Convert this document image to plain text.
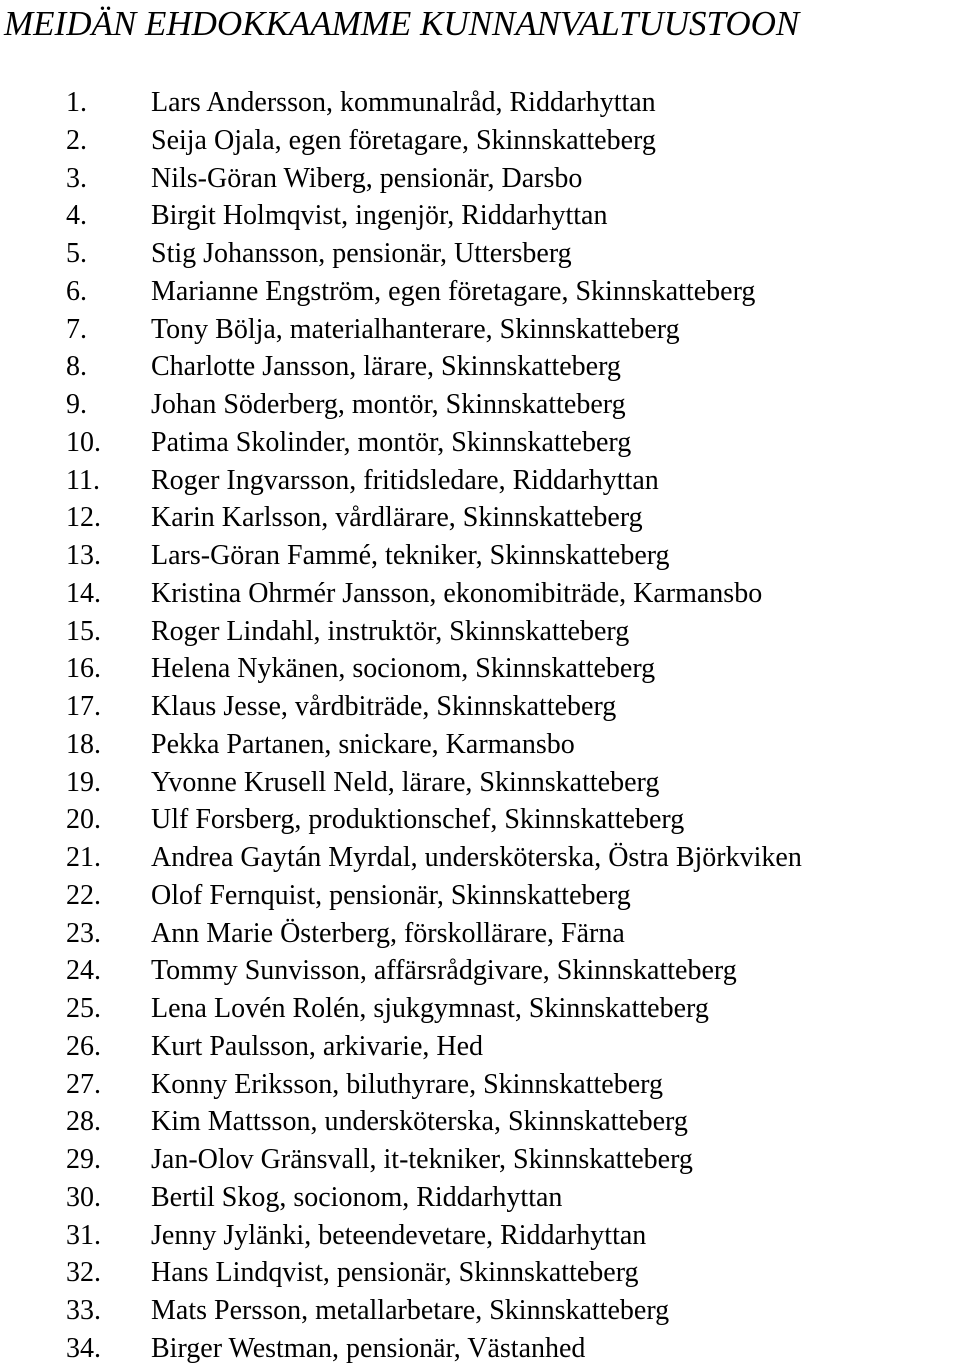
MEIDÄN EHDOKKAAMME KUNNANVALTUUSTOON
1. Lars Andersson, kommunalråd, Riddarhyttan
2. Seija Ojala, egen företagare, Skinnskatteberg
3. Nils-Göran Wiberg, pensionär, Darsbo
4. Birgit Holmqvist, ingenjör, Riddarhyttan
5. Stig Johansson, pensionär, Uttersberg
6. Marianne Engström, egen företagare, Skinnskatteberg
7. Tony Bölja, materialhanterare, Skinnskatteberg
8. Charlotte Jansson, lärare, Skinnskatteberg
9. Johan Söderberg, montör, Skinnskatteberg
10. Patima Skolinder, montör, Skinnskatteberg
11. Roger Ingvarsson, fritidsledare, Riddarhyttan
12. Karin Karlsson, vårdlärare, Skinnskatteberg
13. Lars-Göran Fammé, tekniker, Skinnskatteberg
14. Kristina Ohrmér Jansson, ekonomibiträde, Karmansbo
15. Roger Lindahl, instruktör, Skinnskatteberg
16. Helena Nykänen, socionom, Skinnskatteberg
17. Klaus Jesse, vårdbiträde, Skinnskatteberg
18. Pekka Partanen, snickare, Karmansbo
19. Yvonne Krusell Neld, lärare, Skinnskatteberg
20. Ulf Forsberg, produktionschef, Skinnskatteberg
21. Andrea Gaytán Myrdal, undersköterska, Östra Björkviken
22. Olof Fernquist, pensionär, Skinnskatteberg
23. Ann Marie Österberg, förskollärare, Färna
24. Tommy Sunvisson, affärsrådgivare, Skinnskatteberg
25. Lena Lovén Rolén, sjukgymnast, Skinnskatteberg
26. Kurt Paulsson, arkivarie, Hed
27. Konny Eriksson, biluthyrare, Skinnskatteberg
28. Kim Mattsson, undersköterska, Skinnskatteberg
29. Jan-Olov Gränsvall, it-tekniker, Skinnskatteberg
30. Bertil Skog, socionom, Riddarhyttan
31. Jenny Jylänki, beteendevetare, Riddarhyttan
32. Hans Lindqvist, pensionär, Skinnskatteberg
33. Mats Persson, metallarbetare, Skinnskatteberg
34. Birger Westman, pensionär, Västanhed
